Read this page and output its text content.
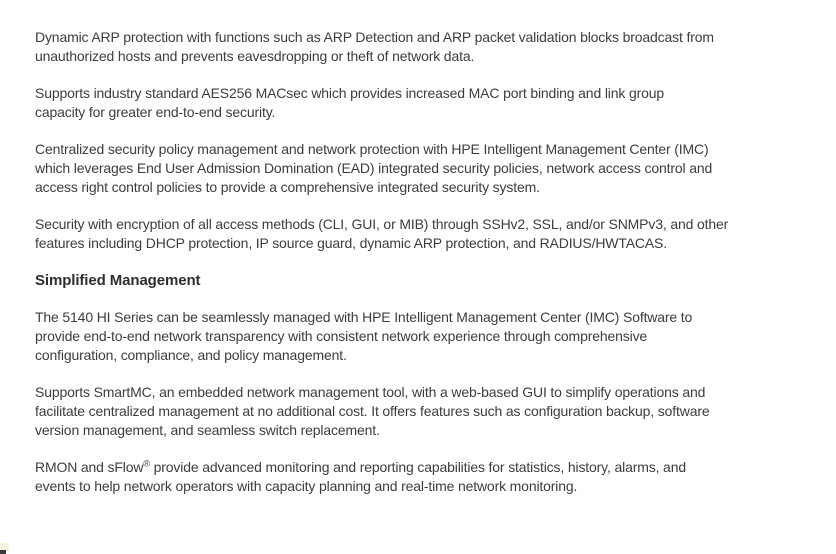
Dynamic ARP protection with functions such as ARP Detection and ARP packet validation blocks broadcast from
unauthorized hosts and prevents eavesdropping or theft of network data.

Supports industry standard AES256 MACsec which provides increased MAC port binding and link group
capacity for greater end-to-end security.

Centralized security policy management and network protection with HPE Intelligent Management Center (IMC)
which leverages End User Admission Domination (EAD) integrated security policies, network access control and
access right control policies to provide a comprehensive integrated security system.

Security with encryption of all access methods (CLI, GUI, or MIB) through SSHv2, SSL, and/or SNMPv3, and other
features including DHCP protection, IP source guard, dynamic ARP protection, and RADIUS/HWTACAS.

Simplified Management

The 5140 HI Series can be seamlessly managed with HPE Intelligent Management Center (IMC) Software to
provide end-to-end network transparency with consistent network experience through comprehensive
configuration, compliance, and policy management.

Supports SmartMC, an embedded network management tool, with a web-based GUI to simplify operations and
facilitate centralized management at no additional cost. It offers features such as configuration backup, software
version management, and seamless switch replacement.

RMON and sFlow® provide advanced monitoring and reporting capabilities for statistics, history, alarms, and
events to help network operators with capacity planning and real-time network monitoring.
